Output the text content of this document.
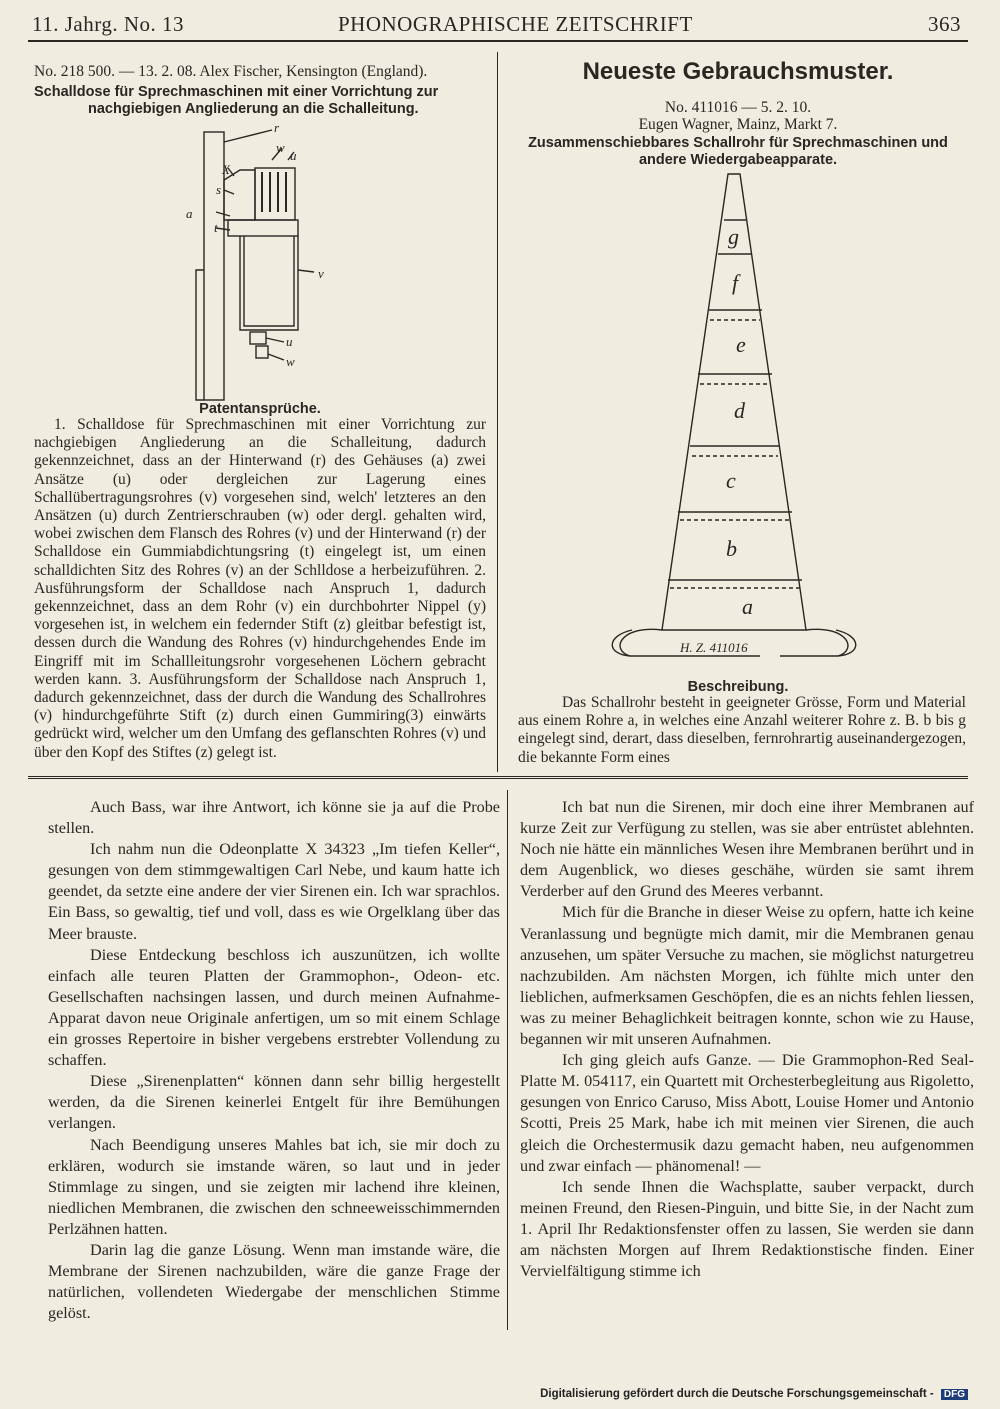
11. Jahrg. No. 13	PHONOGRAPHISCHE ZEITSCHRIFT	363
No. 218 500. — 13. 2. 08. Alex Fischer, Kensington (England).
Schalldose für Sprechmaschinen mit einer Vorrichtung zur
nachgiebigen Angliederung an die Schalleitung.
r
w
u
X
s
a
t
v
u
w
Patentansprüche.
1. Schalldose für Sprechmaschinen mit einer Vorrichtung zur nachgiebigen Angliederung an die Schalleitung, dadurch gekennzeichnet, dass an der Hinterwand (r) des Gehäuses (a) zwei Ansätze (u) oder dergleichen zur Lagerung eines Schallübertragungsrohres (v) vorgesehen sind, welch' letzteres an den Ansätzen (u) durch Zentrierschrauben (w) oder dergl. gehalten wird, wobei zwischen dem Flansch des Rohres (v) und der Hinterwand (r) der Schalldose ein Gummiabdichtungsring (t) eingelegt ist, um einen schalldichten Sitz des Rohres (v) an der Schlldose a herbeizuführen. 2. Ausführungsform der Schalldose nach Anspruch 1, dadurch gekennzeichnet, dass an dem Rohr (v) ein durchbohrter Nippel (y) vorgesehen ist, in welchem ein federnder Stift (z) gleitbar befestigt ist, dessen durch die Wandung des Rohres (v) hindurchgehendes Ende im Eingriff mit im Schallleitungsrohr vorgesehenen Löchern gebracht werden kann. 3. Ausführungsform der Schalldose nach Anspruch 1, dadurch gekennzeichnet, dass der durch die Wandung des Schallrohres (v) hindurchgeführte Stift (z) durch einen Gummiring(3) einwärts gedrückt wird, welcher um den Umfang des geflanschten Rohres (v) und über den Kopf des Stiftes (z) gelegt ist.
Neueste Gebrauchsmuster.
No. 411016 — 5. 2. 10.
Eugen Wagner, Mainz, Markt 7.
Zusammenschiebbares Schallrohr für Sprechmaschinen und
andere Wiedergabeapparate.
g
f
e
d
c
b
a
H. Z. 411016
Beschreibung.
Das Schallrohr besteht in geeigneter Grösse, Form und Material aus einem Rohre a, in welches eine Anzahl weiterer Rohre z. B. b bis g eingelegt sind, derart, dass dieselben, fernrohrartig auseinandergezogen, die bekannte Form eines
Auch Bass, war ihre Antwort, ich könne sie ja auf die Probe stellen.
Ich nahm nun die Odeonplatte X 34323 „Im tiefen Keller“, gesungen von dem stimmgewaltigen Carl Nebe, und kaum hatte ich geendet, da setzte eine andere der vier Sirenen ein. Ich war sprachlos. Ein Bass, so gewaltig, tief und voll, dass es wie Orgelklang über das Meer brauste.
Diese Entdeckung beschloss ich auszunützen, ich wollte einfach alle teuren Platten der Grammophon-, Odeon- etc. Gesellschaften nachsingen lassen, und durch meinen Aufnahme-Apparat davon neue Originale anfertigen, um so mit einem Schlage ein grosses Repertoire in bisher vergebens erstrebter Vollendung zu schaffen.
Diese „Sirenenplatten“ können dann sehr billig hergestellt werden, da die Sirenen keinerlei Entgelt für ihre Bemühungen verlangen.
Nach Beendigung unseres Mahles bat ich, sie mir doch zu erklären, wodurch sie imstande wären, so laut und in jeder Stimmlage zu singen, und sie zeigten mir lachend ihre kleinen, niedlichen Membranen, die zwischen den schneeweisschimmernden Perlzähnen hatten.
Darin lag die ganze Lösung. Wenn man imstande wäre, die Membrane der Sirenen nachzubilden, wäre die ganze Frage der natürlichen, vollendeten Wiedergabe der menschlichen Stimme gelöst.
Ich bat nun die Sirenen, mir doch eine ihrer Membranen auf kurze Zeit zur Verfügung zu stellen, was sie aber entrüstet ablehnten. Noch nie hätte ein männliches Wesen ihre Membranen berührt und in dem Augenblick, wo dieses geschähe, würden sie samt ihrem Verderber auf den Grund des Meeres verbannt.
Mich für die Branche in dieser Weise zu opfern, hatte ich keine Veranlassung und begnügte mich damit, mir die Membranen genau anzusehen, um später Versuche zu machen, sie möglichst naturgetreu nachzubilden. Am nächsten Morgen, ich fühlte mich unter den lieblichen, aufmerksamen Geschöpfen, die es an nichts fehlen liessen, was zu meiner Behaglichkeit beitragen konnte, schon wie zu Hause, begannen wir mit unseren Aufnahmen.
Ich ging gleich aufs Ganze. — Die Grammophon-Red Seal-Platte M. 054117, ein Quartett mit Orchesterbegleitung aus Rigoletto, gesungen von Enrico Caruso, Miss Abott, Louise Homer und Antonio Scotti, Preis 25 Mark, habe ich mit meinen vier Sirenen, die auch gleich die Orchestermusik dazu gemacht haben, neu aufgenommen und zwar einfach — phänomenal! —
Ich sende Ihnen die Wachsplatte, sauber verpackt, durch meinen Freund, den Riesen-Pinguin, und bitte Sie, in der Nacht zum 1. April Ihr Redaktionsfenster offen zu lassen, Sie werden sie dann am nächsten Morgen auf Ihrem Redaktionstische finden. Einer Vervielfältigung stimme ich
Digitalisierung gefördert durch die Deutsche Forschungsgemeinschaft - DFG
